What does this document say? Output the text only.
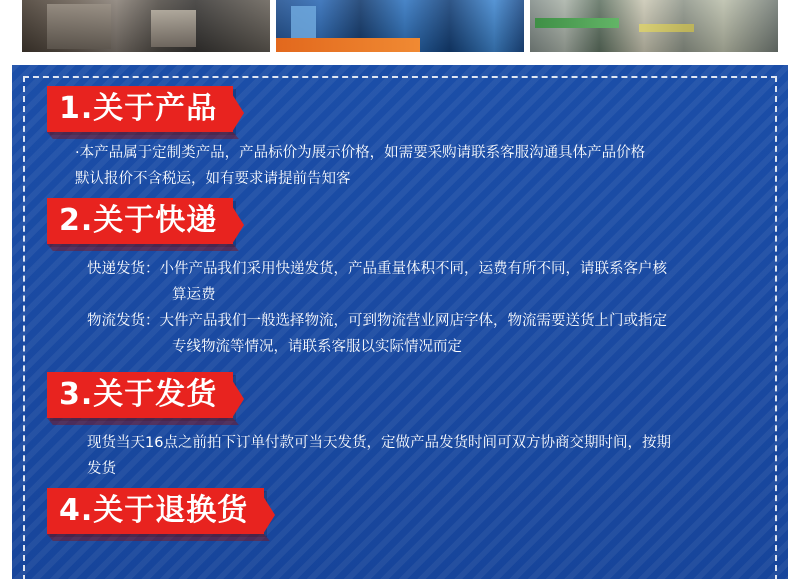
1.关于产品
·本产品属于定制类产品，产品标价为展示价格，如需要采购请联系客服沟通具体产品价格
默认报价不含税运，如有要求请提前告知客
2.关于快递
快递发货： 小件产品我们采用快递发货，产品重量体积不同，运费有所不同，请联系客户核
算运费
物流发货： 大件产品我们一般选择物流，可到物流营业网店字体，物流需要送货上门或指定
专线物流等情况，请联系客服以实际情况而定
3.关于发货
现货当天16点之前拍下订单付款可当天发货，定做产品发货时间可双方协商交期时间，按期
发货
4.关于退换货
